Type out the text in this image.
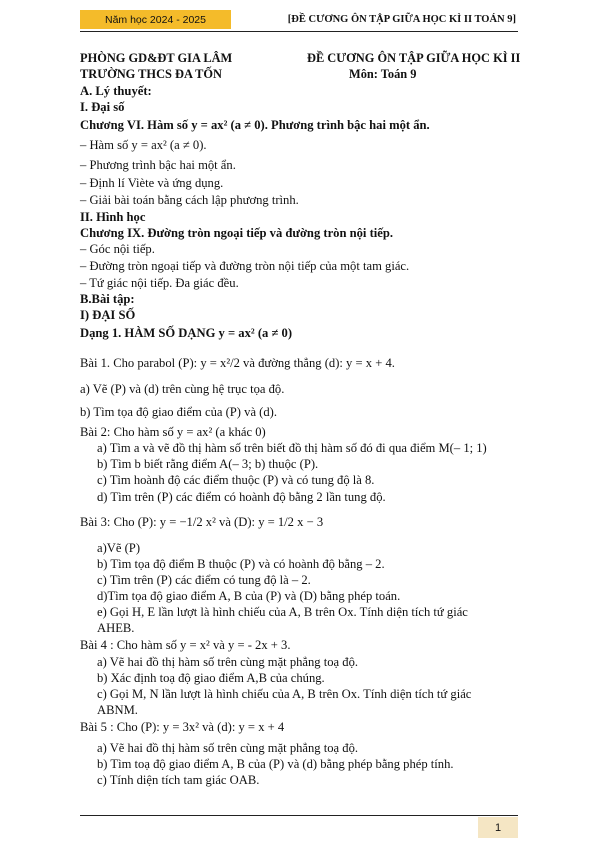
Năm học 2024 - 2025	[ĐỀ CƯƠNG ÔN TẬP GIỮA HỌC KÌ II TOÁN 9]
PHÒNG GD&ĐT GIA LÂM
TRƯỜNG THCS ĐA TỐN
ĐỀ CƯƠNG ÔN TẬP GIỮA HỌC KÌ II
Môn: Toán 9
A. Lý thuyết:
I. Đại số
Chương VI. Hàm số y = ax² (a ≠ 0). Phương trình bậc hai một ẩn.
– Hàm số y = ax² (a ≠ 0).
– Phương trình bậc hai một ẩn.
– Định lí Viète và ứng dụng.
– Giải bài toán bằng cách lập phương trình.
II. Hình học
Chương IX. Đường tròn ngoại tiếp và đường tròn nội tiếp.
– Góc nội tiếp.
– Đường tròn ngoại tiếp và đường tròn nội tiếp của một tam giác.
– Tứ giác nội tiếp. Đa giác đều.
B.Bài tập:
I) ĐẠI SỐ
Dạng 1. HÀM SỐ DẠNG y = ax² (a ≠ 0)
Bài 1. Cho parabol (P): y = x²/2 và đường thẳng (d): y = x + 4.
a) Vẽ (P) và (d) trên cùng hệ trục tọa độ.
b) Tìm tọa độ giao điểm của (P) và (d).
Bài 2: Cho hàm số y = ax² (a khác 0)
a) Tìm a và vẽ đồ thị hàm số trên biết đồ thị hàm số đó đi qua điểm M(– 1; 1)
b) Tìm b biết rằng điểm A(– 3; b) thuộc (P).
c) Tìm hoành độ các điểm thuộc (P) và có tung độ là 8.
d) Tìm trên (P) các điểm có hoành độ bằng 2 lần tung độ.
Bài 3: Cho (P): y = −1/2 x² và (D): y = 1/2 x − 3
a)Vẽ (P)
b) Tìm tọa độ điểm B thuộc (P) và có hoành độ bằng – 2.
c) Tìm trên (P) các điểm có tung độ là – 2.
d)Tìm tọa độ giao điểm A, B của (P) và (D) bằng phép toán.
e) Gọi H, E lần lượt là hình chiếu của A, B trên Ox. Tính diện tích tứ giác
AHEB.
Bài 4 : Cho hàm số y = x² và y = - 2x + 3.
a) Vẽ hai đồ thị hàm số trên cùng mặt phẳng toạ độ.
b) Xác định toạ độ giao điểm A,B của chúng.
c) Gọi M, N lần lượt là hình chiếu của A, B trên Ox. Tính diện tích tứ giác
ABNM.
Bài 5 : Cho (P): y = 3x² và (d): y = x + 4
a) Vẽ hai đồ thị hàm số trên cùng mặt phẳng toạ độ.
b) Tìm toạ độ giao điểm A, B của (P) và (d) bằng phép bằng phép tính.
c) Tính diện tích tam giác OAB.
1
